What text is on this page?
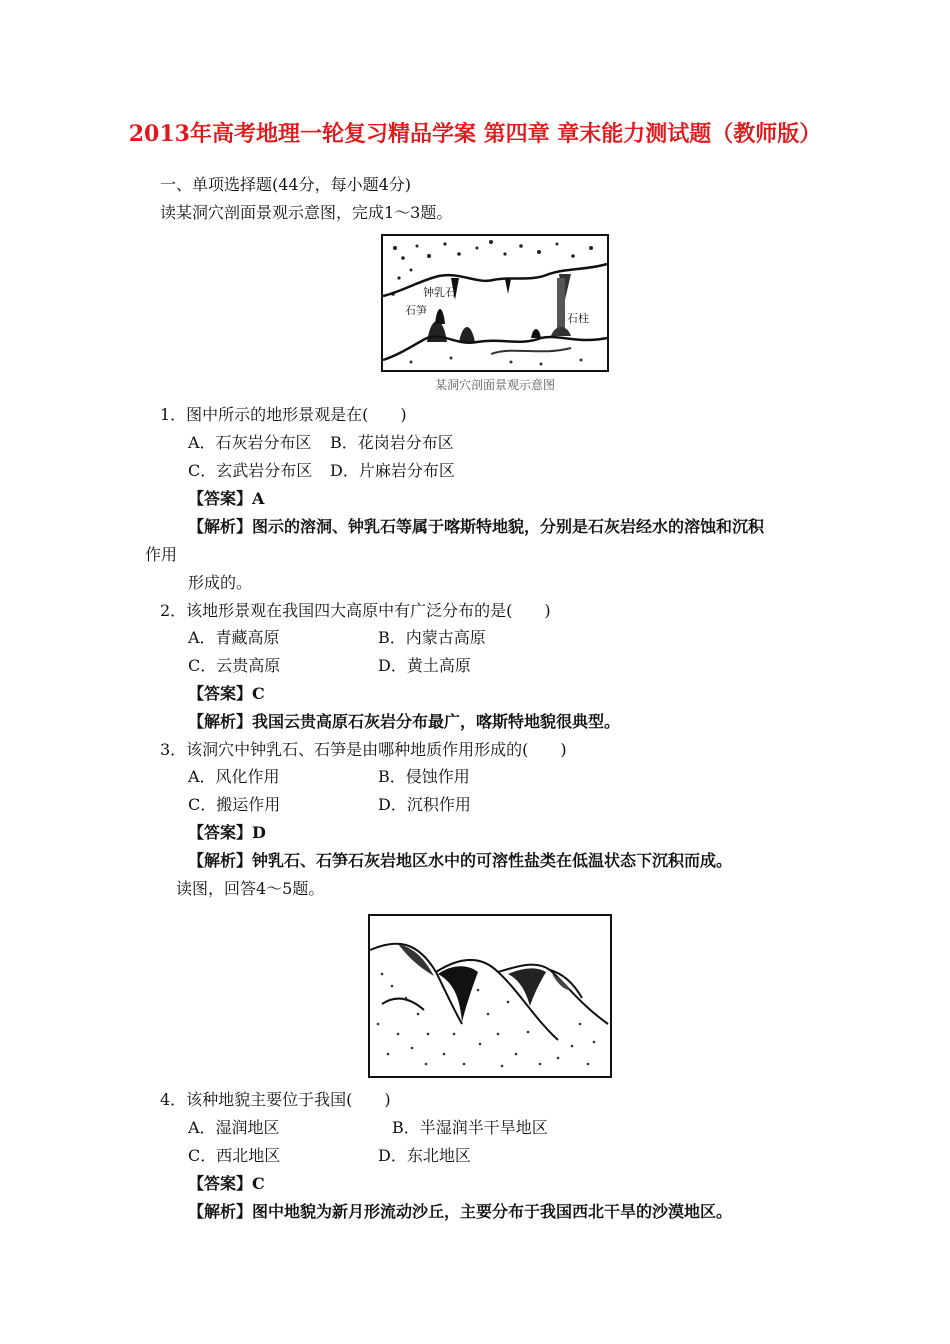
2013年高考地理一轮复习精品学案 第四章 章末能力测试题（教师版）
一、单项选择题(44分，每小题4分)
读某洞穴剖面景观示意图，完成1～3题。
钟乳石
石笋
石柱
某洞穴剖面景观示意图
1．图中所示的地形景观是在(　　)
A．石灰岩分布区 B．花岗岩分布区
C．玄武岩分布区 D．片麻岩分布区
【答案】A
【解析】图示的溶洞、钟乳石等属于喀斯特地貌，分别是石灰岩经水的溶蚀和沉积
作用
形成的。
2．该地形景观在我国四大高原中有广泛分布的是(　　)
A．青藏高原	B．内蒙古高原
C．云贵高原	D．黄土高原
【答案】C
【解析】我国云贵高原石灰岩分布最广，喀斯特地貌很典型。
3．该洞穴中钟乳石、石笋是由哪种地质作用形成的(　　)
A．风化作用	B．侵蚀作用
C．搬运作用	D．沉积作用
【答案】D
【解析】钟乳石、石笋石灰岩地区水中的可溶性盐类在低温状态下沉积而成。
读图，回答4～5题。
4．该种地貌主要位于我国(　　)
A．湿润地区	B．半湿润半干旱地区
C．西北地区	D．东北地区
【答案】C
【解析】图中地貌为新月形流动沙丘，主要分布于我国西北干旱的沙漠地区。
